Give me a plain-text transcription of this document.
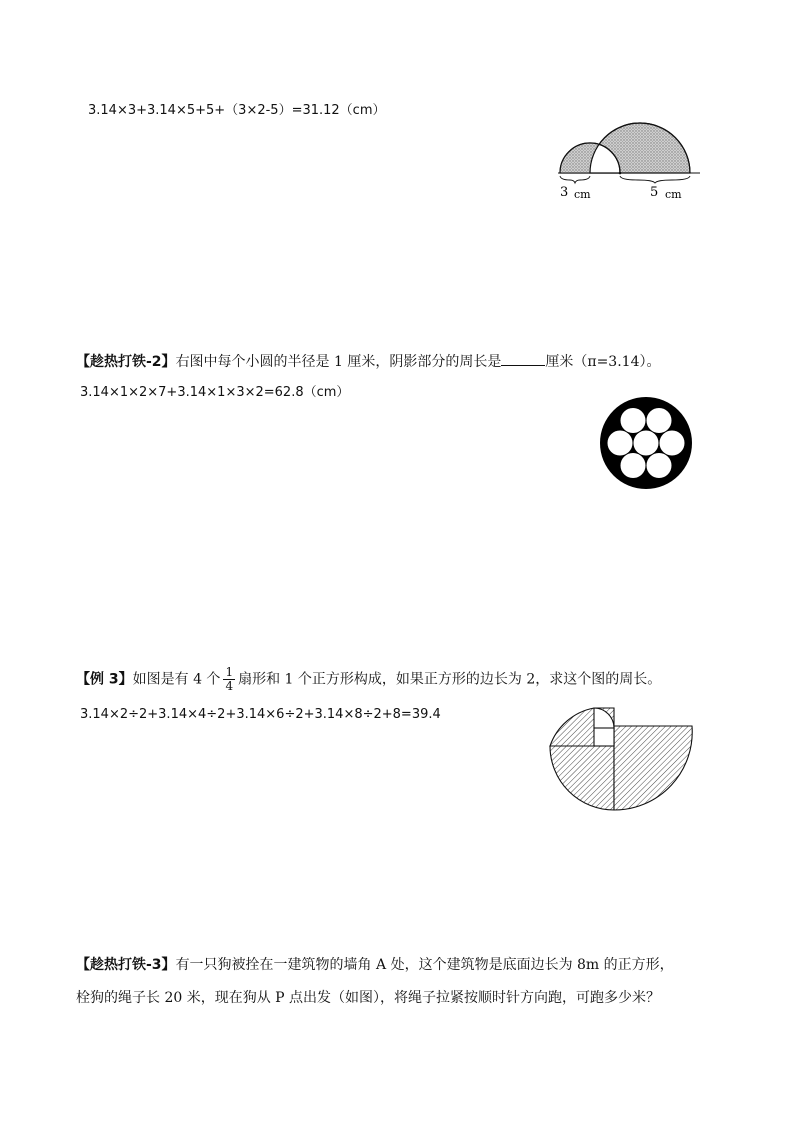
3.14×3+3.14×5+5+（3×2-5）=31.12（cm）
3 cm	5 cm
【趁热打铁-2】右图中每个小圆的半径是 1 厘米，阴影部分的周长是	厘米（π=3.14）。
3.14×1×2×7+3.14×1×3×2=62.8（cm）
【例 3】如图是有 4 个 $\frac{1}{4}$ 扇形和 1 个正方形构成，如果正方形的边长为 2，求这个图的周长。
3.14×2÷2+3.14×4÷2+3.14×6÷2+3.14×8÷2+8=39.4
【趁热打铁-3】有一只狗被拴在一建筑物的墙角 A 处，这个建筑物是底面边长为 8m 的正方形，
栓狗的绳子长 20 米，现在狗从 P 点出发（如图），将绳子拉紧按顺时针方向跑，可跑多少米？
